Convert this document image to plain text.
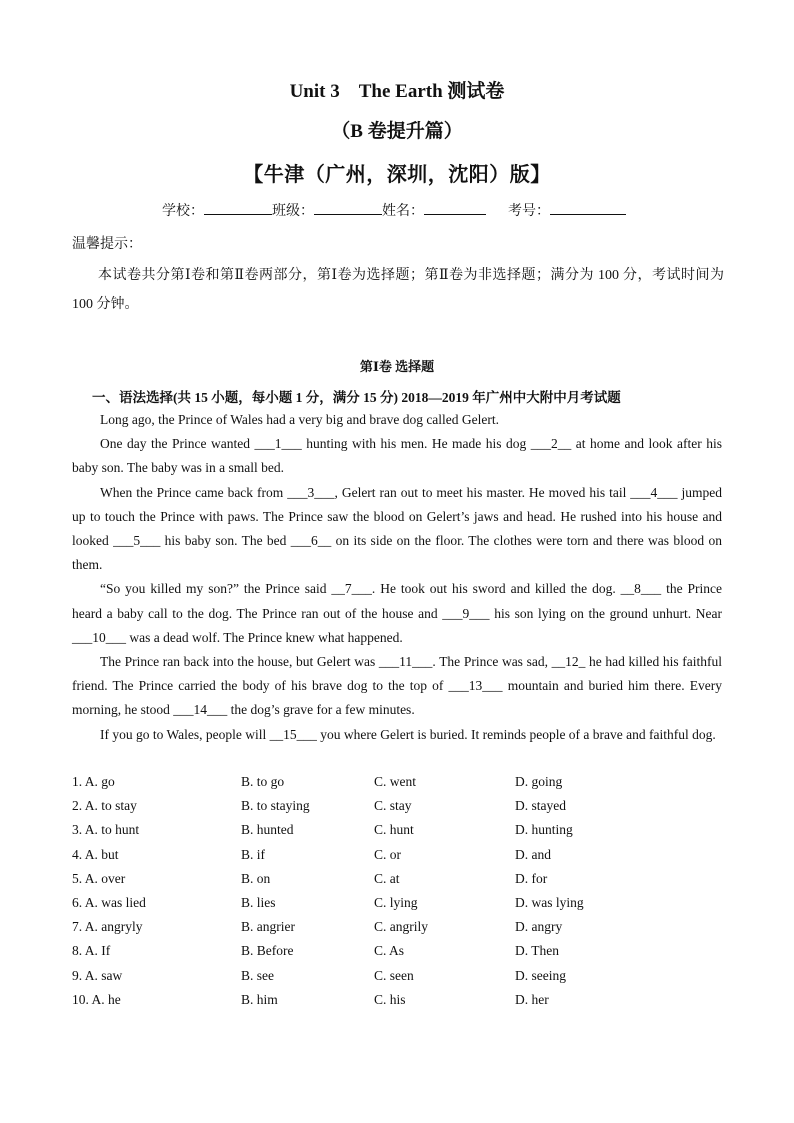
Unit 3　The Earth 测试卷
（B 卷提升篇）
【牛津（广州，深圳，沈阳）版】
学校：	班级：	姓名：	考号：
温馨提示：
本试卷共分第Ⅰ卷和第Ⅱ卷两部分，第Ⅰ卷为选择题；第Ⅱ卷为非选择题；满分为 100 分，考试时间为 100 分钟。
第Ⅰ卷 选择题
一、语法选择(共 15 小题，每小题 1 分，满分 15 分) 2018—2019 年广州中大附中月考试题

Long ago, the Prince of Wales had a very big and brave dog called Gelert.

One day the Prince wanted ___1___ hunting with his men. He made his dog ___2__ at home and look after his baby son. The baby was in a small bed.

When the Prince came back from ___3___, Gelert ran out to meet his master. He moved his tail ___4___ jumped up to touch the Prince with paws. The Prince saw the blood on Gelert’s jaws and head. He rushed into his house and looked ___5___ his baby son. The bed ___6__ on its side on the floor. The clothes were torn and there was blood on them.

“So you killed my son?” the Prince said __7___. He took out his sword and killed the dog. __8___ the Prince heard a baby call to the dog. The Prince ran out of the house and ___9___ his son lying on the ground unhurt. Near ___10___ was a dead wolf. The Prince knew what happened.

The Prince ran back into the house, but Gelert was ___11___. The Prince was sad, __12_ he had killed his faithful friend. The Prince carried the body of his brave dog to the top of ___13___ mountain and buried him there. Every morning, he stood ___14___ the dog’s grave for a few minutes.

If you go to Wales, people will __15___ you where Gelert is buried. It reminds people of a brave and faithful dog.

1. A. go	B. to go	C. went	D. going
2. A. to stay	B. to staying	C. stay	D. stayed
3. A. to hunt	B. hunted	C. hunt	D. hunting
4. A. but	B. if	C. or	D. and
5. A. over	B. on	C. at	D. for
6. A. was lied	B. lies	C. lying	D. was lying
7. A. angryly	B. angrier	C. angrily	D. angry
8. A. If	B. Before	C. As	D. Then
9. A. saw	B. see	C. seen	D. seeing
10. A. he	B. him	C. his	D. her
